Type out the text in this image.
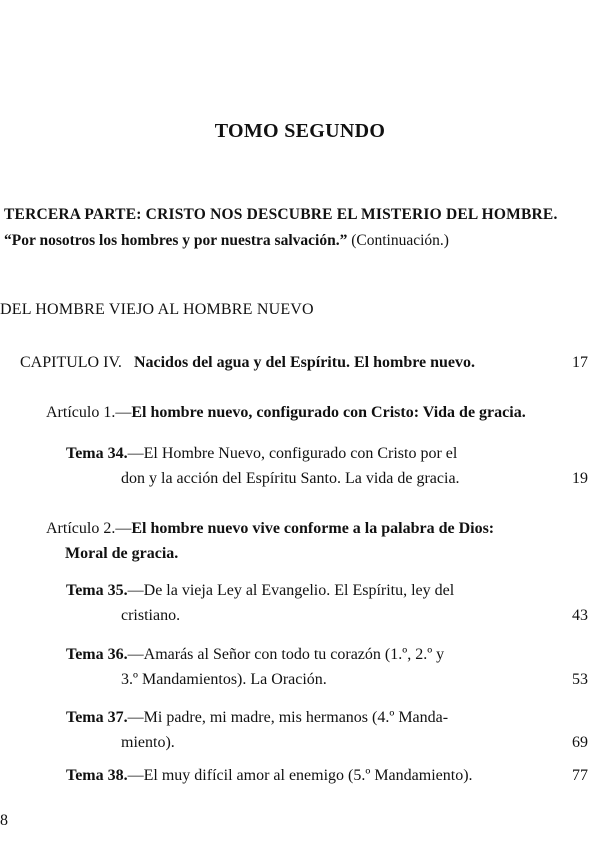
TOMO SEGUNDO
TERCERA PARTE: CRISTO NOS DESCUBRE EL MISTERIO DEL HOMBRE.
“Por nosotros los hombres y por nuestra salvación.” (Continuación.)
DEL HOMBRE VIEJO AL HOMBRE NUEVO
CAPITULO IV. Nacidos del agua y del Espíritu. El hombre nuevo.	17
Artículo 1.—El hombre nuevo, configurado con Cristo: Vida de gracia.
Tema 34.—El Hombre Nuevo, configurado con Cristo por el
don y la acción del Espíritu Santo. La vida de gracia.	19
Artículo 2.—El hombre nuevo vive conforme a la palabra de Dios:
Moral de gracia.
Tema 35.—De la vieja Ley al Evangelio. El Espíritu, ley del
cristiano.	43
Tema 36.—Amarás al Señor con todo tu corazón (1.º, 2.º y
3.º Mandamientos). La Oración.	53
Tema 37.—Mi padre, mi madre, mis hermanos (4.º Manda-
miento).	69
Tema 38.—El muy difícil amor al enemigo (5.º Mandamiento).	77
8
